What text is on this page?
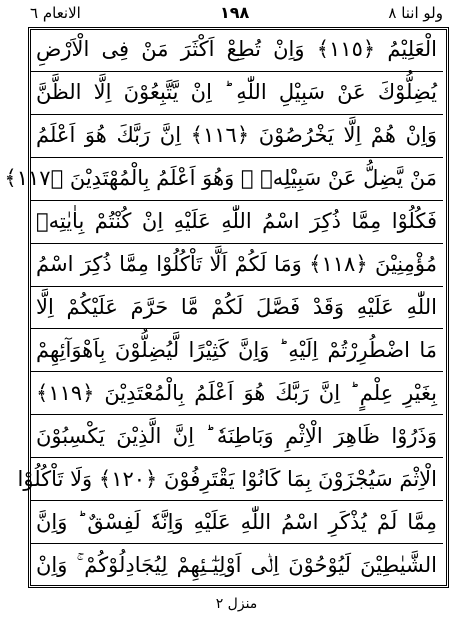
الانعام ٦	١٩٨	ولو اننا ٨
الْعَلِيْمُ ﴿١١٥﴾ وَاِنْ تُطِعْ اَكْثَرَ مَنْ فِى الْاَرْضِ
يُضِلُّوْكَ عَنْ سَبِيْلِ اللّٰهِ ؕ اِنْ يَّتَّبِعُوْنَ اِلَّا الظَّنَّ
وَاِنْ هُمْ اِلَّا يَخْرُصُوْنَ ﴿١١٦﴾ اِنَّ رَبَّكَ هُوَ اَعْلَمُ
مَنْ يَّضِلُّ عَنْ سَبِيْلِهٖ ۚ وَهُوَ اَعْلَمُ بِالْمُهْتَدِيْنَ ﴿١١٧﴾
فَكُلُوْا مِمَّا ذُكِرَ اسْمُ اللّٰهِ عَلَيْهِ اِنْ كُنْتُمْ بِاٰيٰتِهٖ
مُؤْمِنِيْنَ ﴿١١٨﴾ وَمَا لَكُمْ اَلَّا تَاْكُلُوْا مِمَّا ذُكِرَ اسْمُ
اللّٰهِ عَلَيْهِ وَقَدْ فَصَّلَ لَكُمْ مَّا حَرَّمَ عَلَيْكُمْ اِلَّا
مَا اضْطُرِرْتُمْ اِلَيْهِ ؕ وَاِنَّ كَثِيْرًا لَّيُضِلُّوْنَ بِاَهْوَآئِهِمْ
بِغَيْرِ عِلْمٍ ؕ اِنَّ رَبَّكَ هُوَ اَعْلَمُ بِالْمُعْتَدِيْنَ ﴿١١٩﴾
وَذَرُوْا ظَاهِرَ الْاِثْمِ وَبَاطِنَهٗ ؕ اِنَّ الَّذِيْنَ يَكْسِبُوْنَ
الْاِثْمَ سَيُجْزَوْنَ بِمَا كَانُوْا يَقْتَرِفُوْنَ ﴿١٢٠﴾ وَلَا تَاْكُلُوْا
مِمَّا لَمْ يُذْكَرِ اسْمُ اللّٰهِ عَلَيْهِ وَاِنَّهٗ لَفِسْقٌ ؕ وَاِنَّ
الشَّيٰطِيْنَ لَيُوْحُوْنَ اِلٰۤى اَوْلِيٰٓـئِهِمْ لِيُجَادِلُوْكُمْ ۚ وَاِنْ
منزل ٢
